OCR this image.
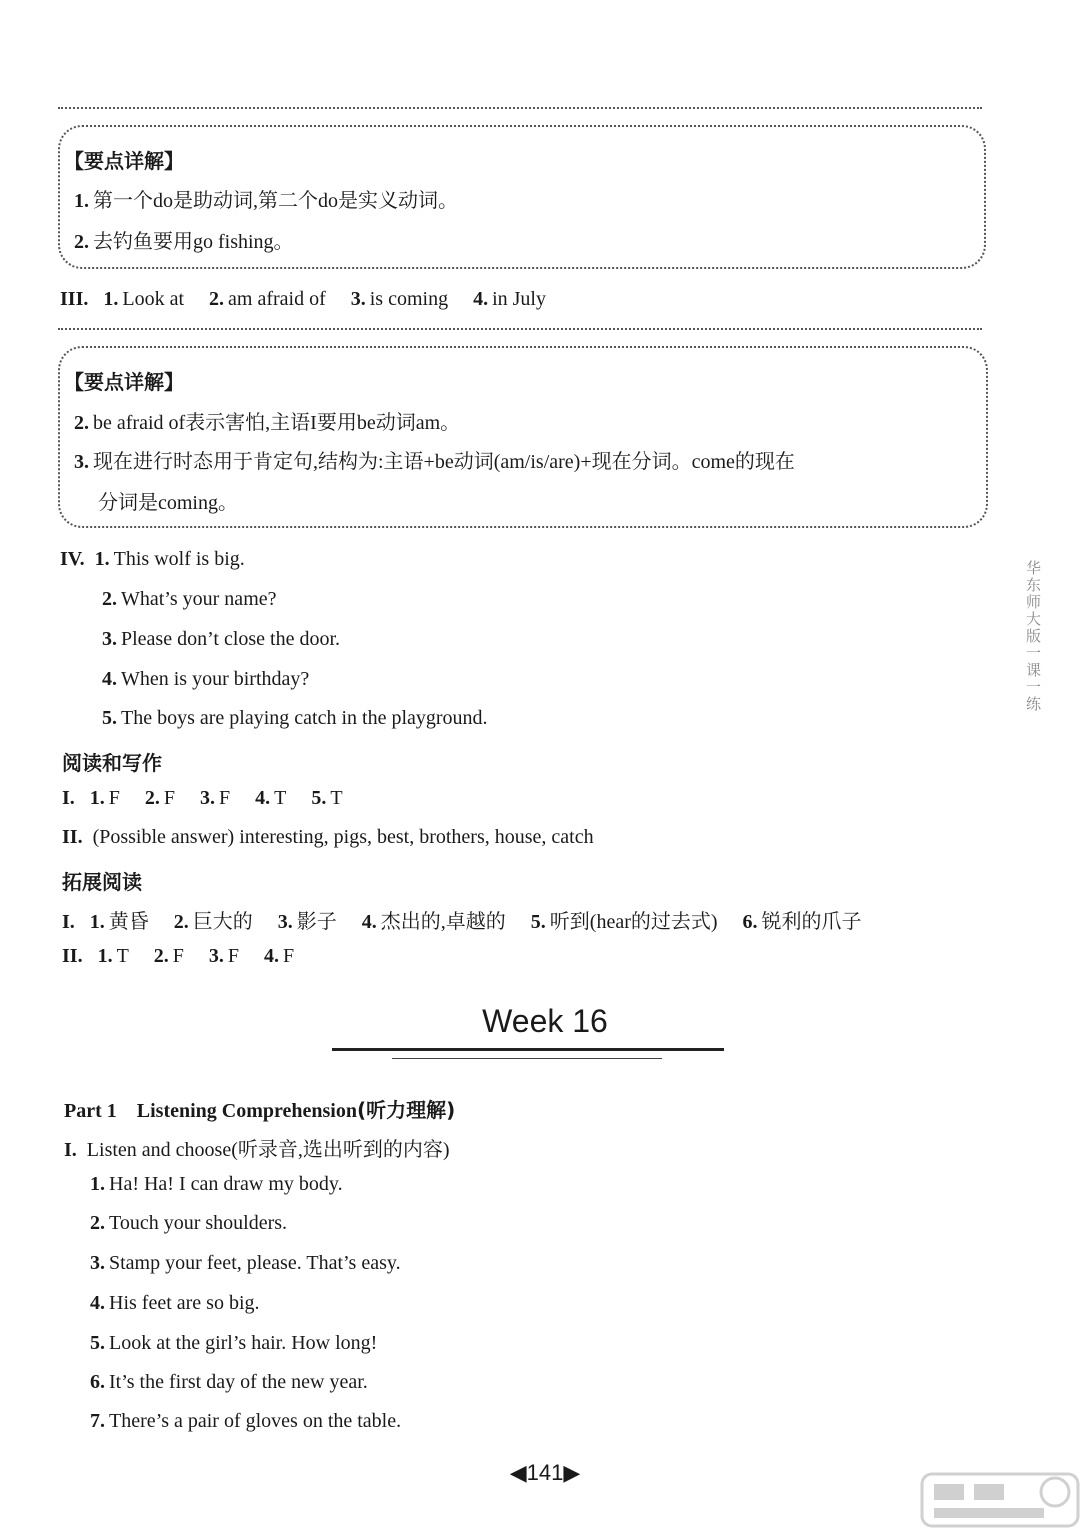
【要点详解】
1. 第一个do是助动词,第二个do是实义动词。
2. 去钓鱼要用go fishing。
III. 1. Look at 2. am afraid of 3. is coming 4. in July
【要点详解】
2. be afraid of表示害怕,主语I要用be动词am。
3. 现在进行时态用于肯定句,结构为:主语+be动词(am/is/are)+现在分词。come的现在
分词是coming。
IV. 1. This wolf is big.
2. What’s your name?
3. Please don’t close the door.
4. When is your birthday?
5. The boys are playing catch in the playground.
阅读和写作
I. 1. F 2. F 3. F 4. T 5. T
II. (Possible answer) interesting, pigs, best, brothers, house, catch
拓展阅读
I. 1. 黄昏 2. 巨大的 3. 影子 4. 杰出的,卓越的 5. 听到(hear的过去式) 6. 锐利的爪子
II. 1. T 2. F 3. F 4. F
Week 16
Part 1 Listening Comprehension(听力理解)
I. Listen and choose(听录音,选出听到的内容)
1. Ha! Ha! I can draw my body.
2. Touch your shoulders.
3. Stamp your feet, please. That’s easy.
4. His feet are so big.
5. Look at the girl’s hair. How long!
6. It’s the first day of the new year.
7. There’s a pair of gloves on the table.
华东师大版一课一练
◀141▶
